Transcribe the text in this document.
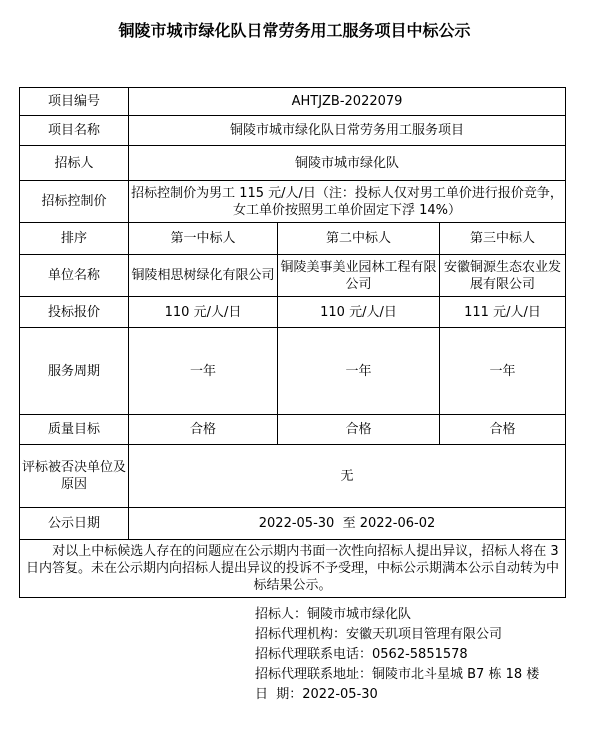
铜陵市城市绿化队日常劳务用工服务项目中标公示
项目编号	AHTJZB-2022079		
项目名称	铜陵市城市绿化队日常劳务用工服务项目		
招标人	铜陵市城市绿化队		
招标控制价	招标控制价为男工 115 元/人/日（注：投标人仅对男工单价进行报价竞争，女工单价按照男工单价固定下浮 14%）		
排序	第一中标人	第二中标人	第三中标人
单位名称	铜陵相思树绿化有限公司	铜陵美事美业园林工程有限公司	安徽铜源生态农业发展有限公司
投标报价	110 元/人/日	110 元/人/日	111 元/人/日
服务周期	一年	一年	一年
质量目标	合格	合格	合格
评标被否决单位及原因	无		
公示日期	2022-05-30  至 2022-06-02		
对以上中标候选人存在的问题应在公示期内书面一次性向招标人提出异议，招标人将在 3 日内答复。未在公示期内向招标人提出异议的投诉不予受理，中标公示期满本公示自动转为中标结果公示。			
招标人：铜陵市城市绿化队
招标代理机构：安徽天玑项目管理有限公司
招标代理联系电话：0562-5851578
招标代理联系地址：铜陵市北斗星城 B7 栋 18 楼
日  期：2022-05-30
